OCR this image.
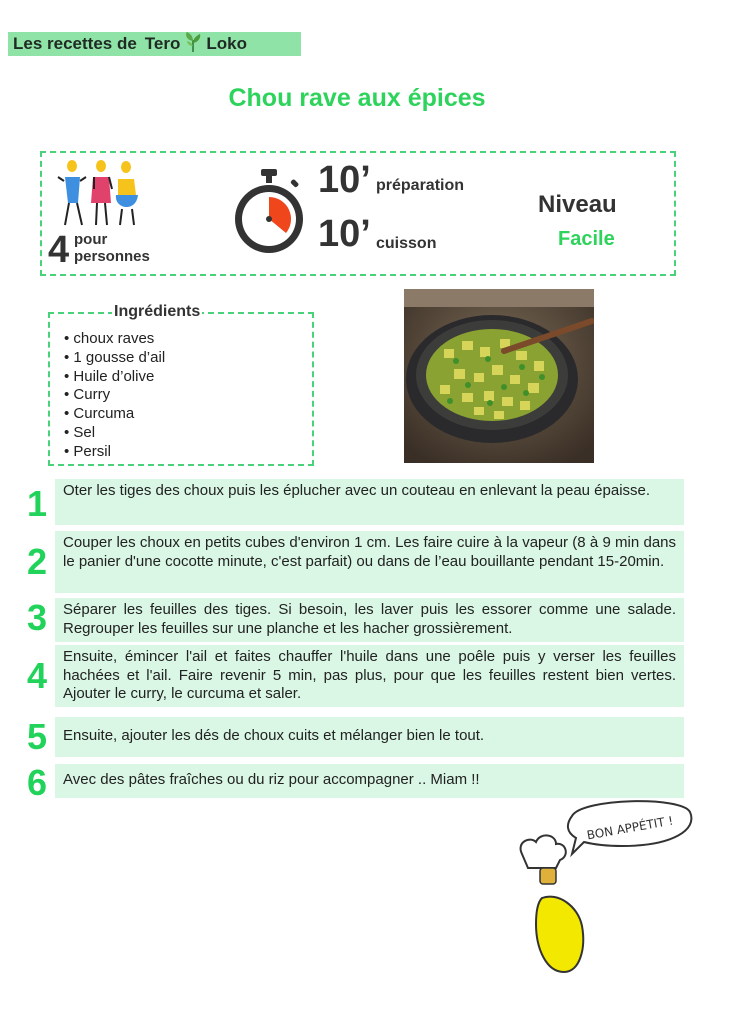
Les recettes de Tero Loko
Chou rave aux épices
4 pour
personnes
10’ préparation
10’ cuisson
Niveau
Facile
Ingrédients
• choux raves
• 1 gousse d’ail
• Huile d’olive
• Curry
• Curcuma
• Sel
• Persil
1	Oter les tiges des choux puis les éplucher avec un couteau en enlevant la peau épaisse.
2	Couper les choux en petits cubes d'environ 1 cm. Les faire cuire à la vapeur (8 à 9 min dans le panier d'une cocotte minute, c'est parfait) ou dans de l’eau bouillante pendant 15-20min.
3	Séparer les feuilles des tiges. Si besoin, les laver puis les essorer comme une salade. Regrouper les feuilles sur une planche et les hacher grossièrement.
4	Ensuite, émincer l'ail et faites chauffer l'huile dans une poêle puis y verser les feuilles hachées et l'ail. Faire revenir 5 min, pas plus, pour que les feuilles restent bien vertes. Ajouter le curry, le curcuma et saler.
5	Ensuite, ajouter les dés de choux cuits et mélanger bien le tout.
6	Avec des pâtes fraîches ou du riz pour accompagner .. Miam !!
BON APPÉTIT !
